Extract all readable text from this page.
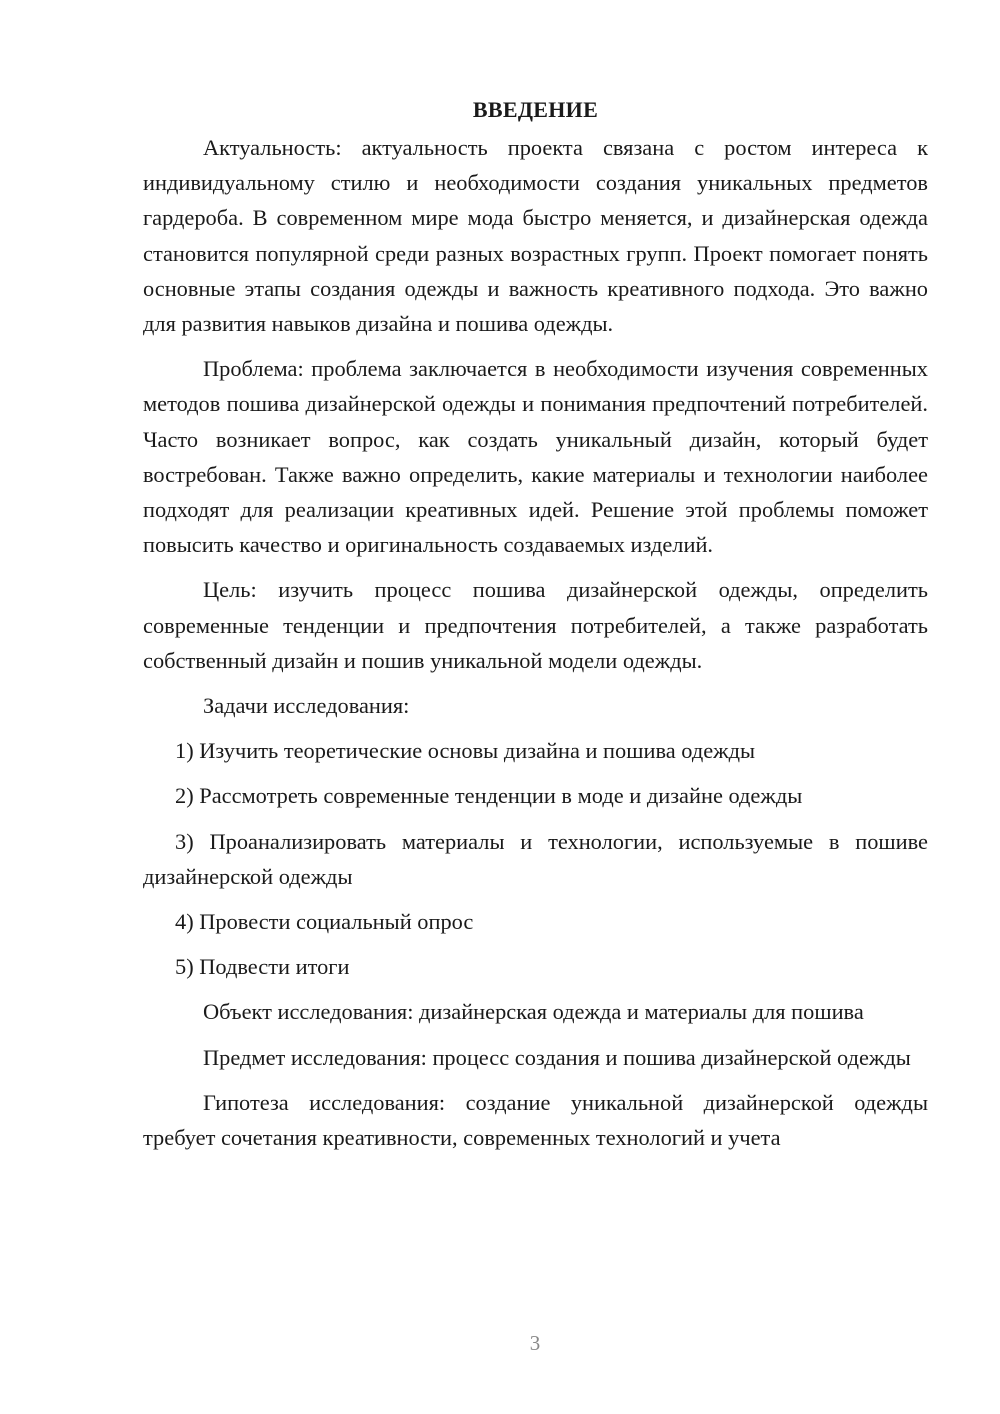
ВВЕДЕНИЕ

Актуальность: актуальность проекта связана с ростом интереса к индивидуальному стилю и необходимости создания уникальных предметов гардероба. В современном мире мода быстро меняется, и дизайнерская одежда становится популярной среди разных возрастных групп. Проект помогает понять основные этапы создания одежды и важность креативного подхода. Это важно для развития навыков дизайна и пошива одежды.

Проблема: проблема заключается в необходимости изучения современных методов пошива дизайнерской одежды и понимания предпочтений потребителей. Часто возникает вопрос, как создать уникальный дизайн, который будет востребован. Также важно определить, какие материалы и технологии наиболее подходят для реализации креативных идей. Решение этой проблемы поможет повысить качество и оригинальность создаваемых изделий.

Цель: изучить процесс пошива дизайнерской одежды, определить современные тенденции и предпочтения потребителей, а также разработать собственный дизайн и пошив уникальной модели одежды.

Задачи исследования:

1) Изучить теоретические основы дизайна и пошива одежды

2) Рассмотреть современные тенденции в моде и дизайне одежды

3) Проанализировать материалы и технологии, используемые в пошиве дизайнерской одежды

4) Провести социальный опрос

5) Подвести итоги

Объект исследования: дизайнерская одежда и материалы для пошива

Предмет исследования: процесс создания и пошива дизайнерской одежды

Гипотеза исследования: создание уникальной дизайнерской одежды требует сочетания креативности, современных технологий и учета

3
